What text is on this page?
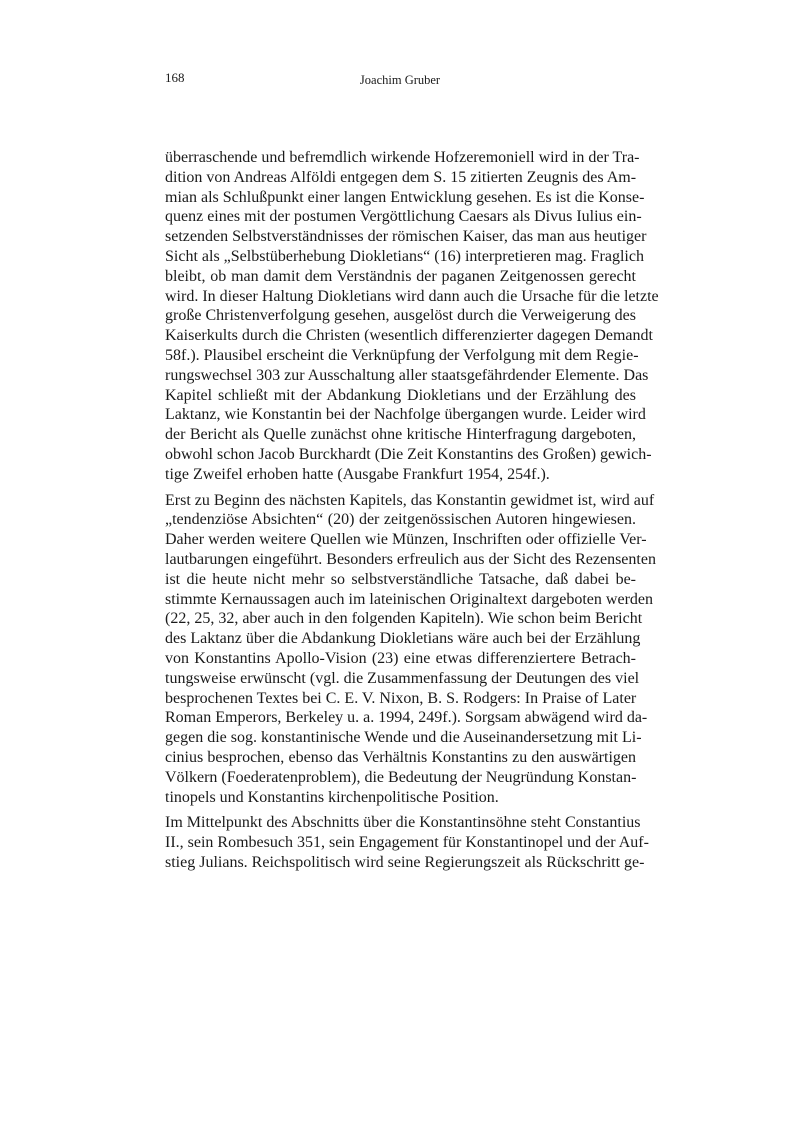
168	Joachim Gruber
überraschende und befremdlich wirkende Hofzeremoniell wird in der Tra-
dition von Andreas Alföldi entgegen dem S. 15 zitierten Zeugnis des Am-
mian als Schlußpunkt einer langen Entwicklung gesehen. Es ist die Konse-
quenz eines mit der postumen Vergöttlichung Caesars als Divus Iulius ein-
setzenden Selbstverständnisses der römischen Kaiser, das man aus heutiger
Sicht als „Selbstüberhebung Diokletians“ (16) interpretieren mag. Fraglich
bleibt, ob man damit dem Verständnis der paganen Zeitgenossen gerecht
wird. In dieser Haltung Diokletians wird dann auch die Ursache für die letzte
große Christenverfolgung gesehen, ausgelöst durch die Verweigerung des
Kaiserkults durch die Christen (wesentlich differenzierter dagegen Demandt
58f.). Plausibel erscheint die Verknüpfung der Verfolgung mit dem Regie-
rungswechsel 303 zur Ausschaltung aller staatsgefährdender Elemente. Das
Kapitel schließt mit der Abdankung Diokletians und der Erzählung des
Laktanz, wie Konstantin bei der Nachfolge übergangen wurde. Leider wird
der Bericht als Quelle zunächst ohne kritische Hinterfragung dargeboten,
obwohl schon Jacob Burckhardt (Die Zeit Konstantins des Großen) gewich-
tige Zweifel erhoben hatte (Ausgabe Frankfurt 1954, 254f.).
Erst zu Beginn des nächsten Kapitels, das Konstantin gewidmet ist, wird auf
„tendenziöse Absichten“ (20) der zeitgenössischen Autoren hingewiesen.
Daher werden weitere Quellen wie Münzen, Inschriften oder offizielle Ver-
lautbarungen eingeführt. Besonders erfreulich aus der Sicht des Rezensenten
ist die heute nicht mehr so selbstverständliche Tatsache, daß dabei be-
stimmte Kernaussagen auch im lateinischen Originaltext dargeboten werden
(22, 25, 32, aber auch in den folgenden Kapiteln). Wie schon beim Bericht
des Laktanz über die Abdankung Diokletians wäre auch bei der Erzählung
von Konstantins Apollo-Vision (23) eine etwas differenziertere Betrach-
tungsweise erwünscht (vgl. die Zusammenfassung der Deutungen des viel
besprochenen Textes bei C. E. V. Nixon, B. S. Rodgers: In Praise of Later
Roman Emperors, Berkeley u. a. 1994, 249f.). Sorgsam abwägend wird da-
gegen die sog. konstantinische Wende und die Auseinandersetzung mit Li-
cinius besprochen, ebenso das Verhältnis Konstantins zu den auswärtigen
Völkern (Foederatenproblem), die Bedeutung der Neugründung Konstan-
tinopels und Konstantins kirchenpolitische Position.
Im Mittelpunkt des Abschnitts über die Konstantinsöhne steht Constantius
II., sein Rombesuch 351, sein Engagement für Konstantinopel und der Auf-
stieg Julians. Reichspolitisch wird seine Regierungszeit als Rückschritt ge-
